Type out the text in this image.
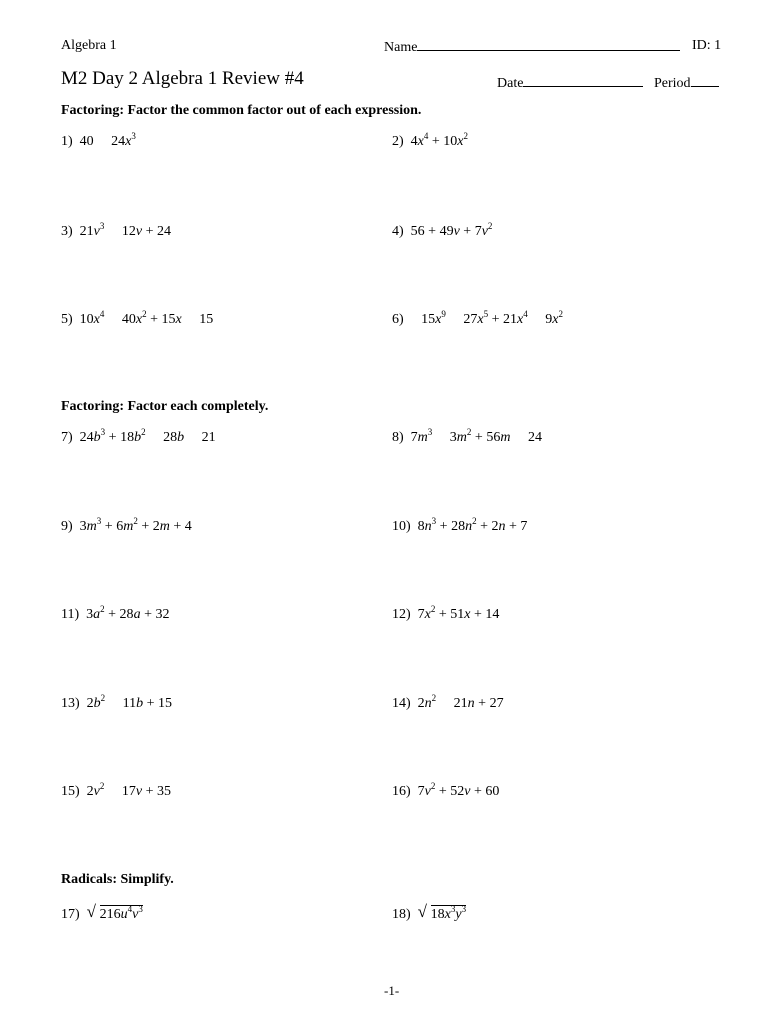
Algebra 1	Name	ID: 1
M2 Day 2 Algebra 1 Review #4	Date	Period
Factoring: Factor the common factor out of each expression.
1) 40 $24x^3$	2) $4x^4 + 10x^2$
3) $21v^3$ 12v + 24	4) $56 + 49v + 7v^2$
5) $10x^4$ $40x^2 + 15x$ 15	6) $15x^9$ $27x^5 + 21x^4$ $9x^2$
Factoring: Factor each completely.
7) $24b^3 + 18b^2$ 28b 21	8) $7m^3$ $3m^2 + 56m$ 24
9) $3m^3 + 6m^2 + 2m + 4$	10) $8n^3 + 28n^2 + 2n + 7$
11) $3a^2 + 28a + 32$	12) $7x^2 + 51x + 14$
13) $2b^2$ 11b + 15	14) $2n^2$ 21n + 27
15) $2v^2$ 17v + 35	16) $7v^2 + 52v + 60$
Radicals: Simplify.
17) √ $216u^4v^3$	18) √ $18x^3y^3$
-1-
